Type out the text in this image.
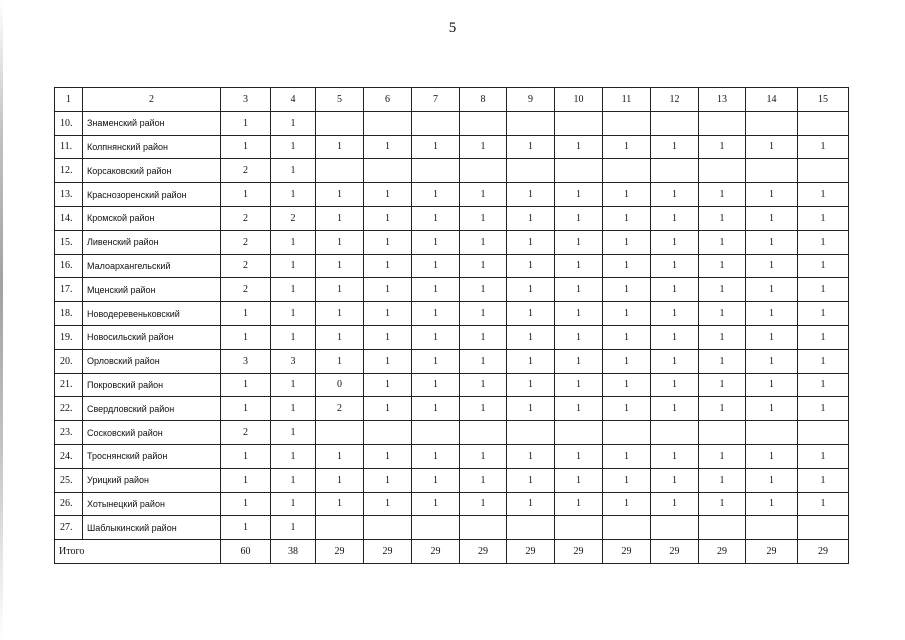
5
1	2	3	4	5	6	7	8	9	10	11	12	13	14	15
10.	Знаменский район	1	1											
11.	Колпнянский район	1	1	1	1	1	1	1	1	1	1	1	1	1
12.	Корсаковский район	2	1											
13.	Краснозоренский район	1	1	1	1	1	1	1	1	1	1	1	1	1
14.	Кромской район	2	2	1	1	1	1	1	1	1	1	1	1	1
15.	Ливенский район	2	1	1	1	1	1	1	1	1	1	1	1	1
16.	Малоархангельский	2	1	1	1	1	1	1	1	1	1	1	1	1
17.	Мценский район	2	1	1	1	1	1	1	1	1	1	1	1	1
18.	Новодеревеньковский	1	1	1	1	1	1	1	1	1	1	1	1	1
19.	Новосильский район	1	1	1	1	1	1	1	1	1	1	1	1	1
20.	Орловский район	3	3	1	1	1	1	1	1	1	1	1	1	1
21.	Покровский район	1	1	0	1	1	1	1	1	1	1	1	1	1
22.	Свердловский район	1	1	2	1	1	1	1	1	1	1	1	1	1
23.	Сосковский район	2	1											
24.	Троснянский район	1	1	1	1	1	1	1	1	1	1	1	1	1
25.	Урицкий район	1	1	1	1	1	1	1	1	1	1	1	1	1
26.	Хотынецкий район	1	1	1	1	1	1	1	1	1	1	1	1	1
27.	Шаблыкинский район	1	1											
Итого		60	38	29	29	29	29	29	29	29	29	29	29	29
